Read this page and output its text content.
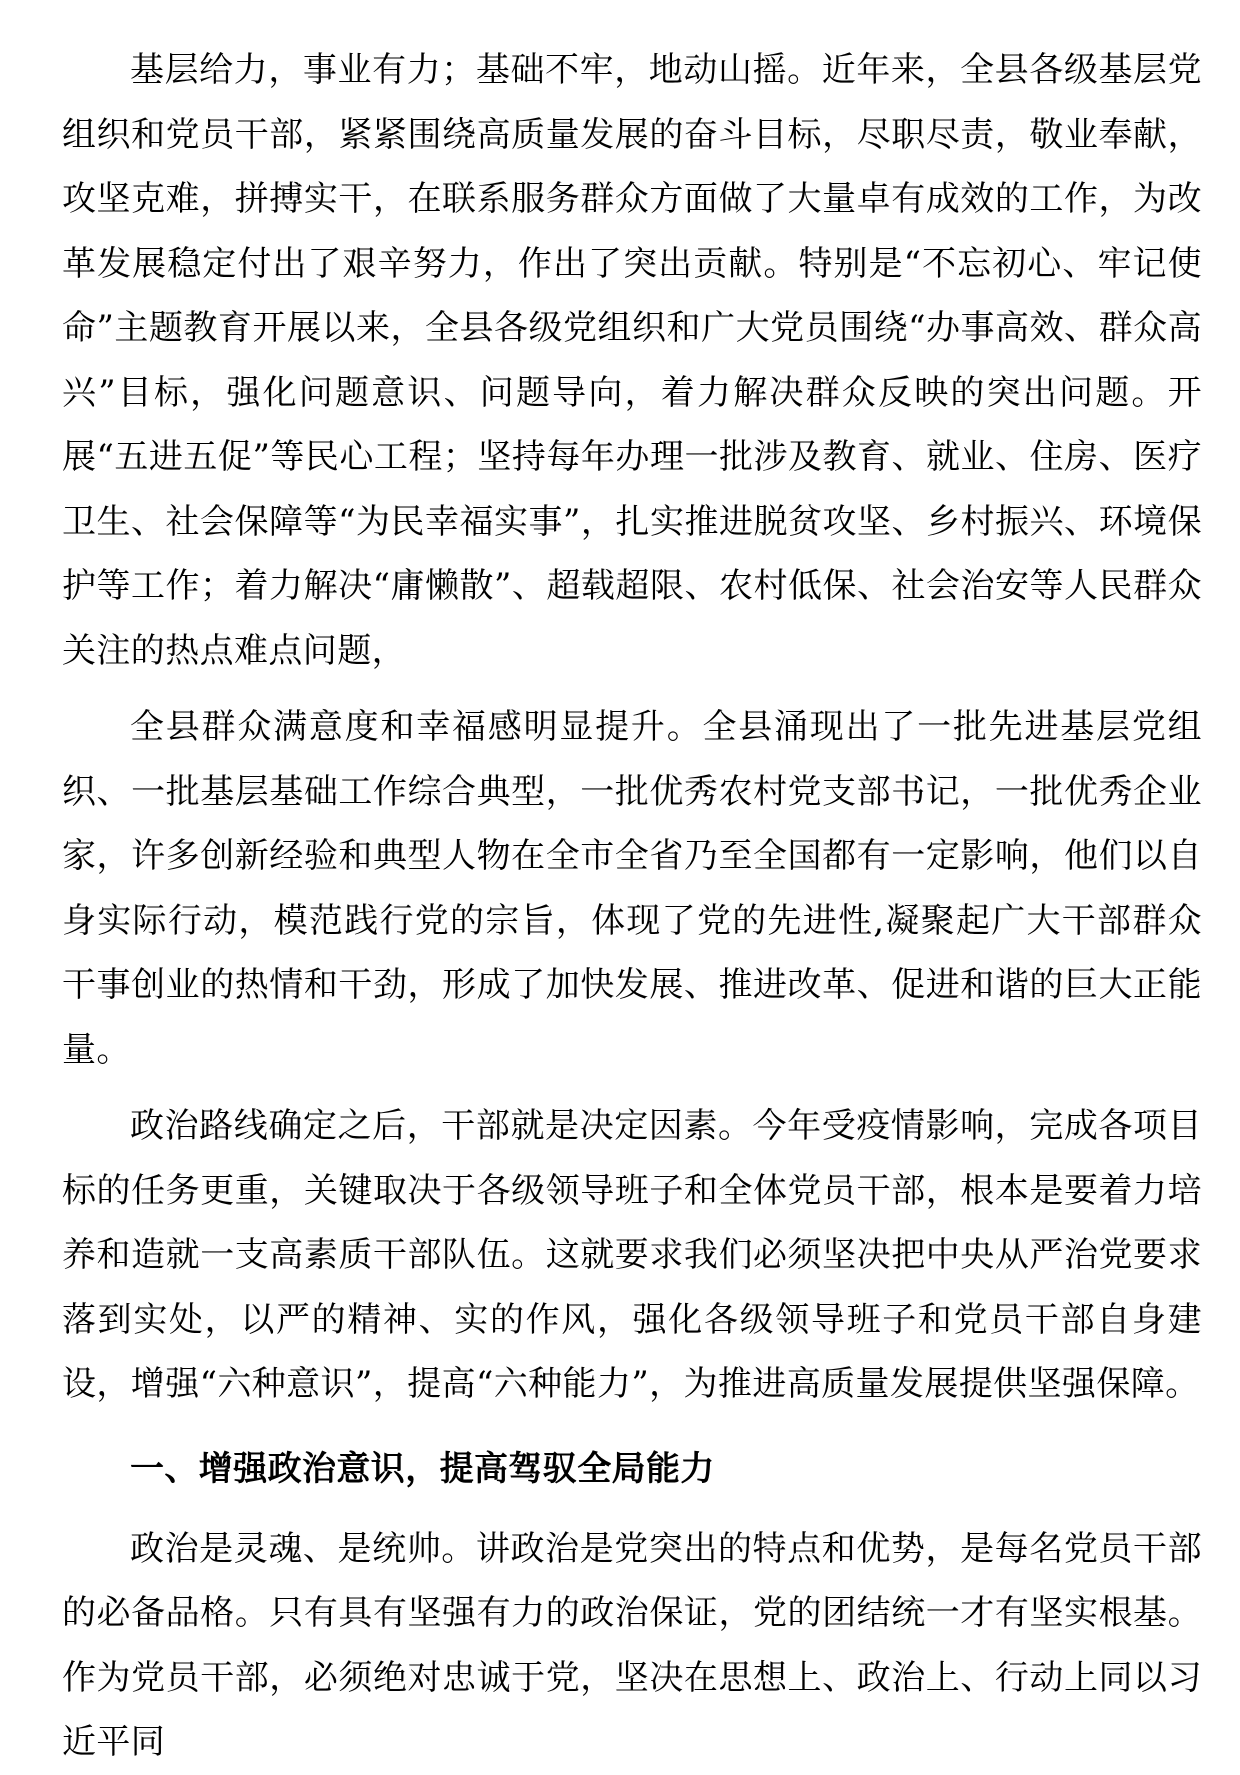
基层给力，事业有力；基础不牢，地动山摇。近年来，全县各级基层党组织和党员干部，紧紧围绕高质量发展的奋斗目标，尽职尽责，敬业奉献，攻坚克难，拼搏实干，在联系服务群众方面做了大量卓有成效的工作，为改革发展稳定付出了艰辛努力，作出了突出贡献。特别是“不忘初心、牢记使命”主题教育开展以来，全县各级党组织和广大党员围绕“办事高效、群众高兴”目标，强化问题意识、问题导向，着力解决群众反映的突出问题。开展“五进五促”等民心工程；坚持每年办理一批涉及教育、就业、住房、医疗卫生、社会保障等“为民幸福实事”，扎实推进脱贫攻坚、乡村振兴、环境保护等工作；着力解决“庸懒散”、超载超限、农村低保、社会治安等人民群众关注的热点难点问题，

全县群众满意度和幸福感明显提升。全县涌现出了一批先进基层党组织、一批基层基础工作综合典型，一批优秀农村党支部书记，一批优秀企业家，许多创新经验和典型人物在全市全省乃至全国都有一定影响，他们以自身实际行动，模范践行党的宗旨，体现了党的先进性,凝聚起广大干部群众干事创业的热情和干劲，形成了加快发展、推进改革、促进和谐的巨大正能量。

政治路线确定之后，干部就是决定因素。今年受疫情影响，完成各项目标的任务更重，关键取决于各级领导班子和全体党员干部，根本是要着力培养和造就一支高素质干部队伍。这就要求我们必须坚决把中央从严治党要求落到实处，以严的精神、实的作风，强化各级领导班子和党员干部自身建设，增强“六种意识”，提高“六种能力”，为推进高质量发展提供坚强保障。

一、增强政治意识，提高驾驭全局能力

政治是灵魂、是统帅。讲政治是党突出的特点和优势，是每名党员干部的必备品格。只有具有坚强有力的政治保证，党的团结统一才有坚实根基。作为党员干部，必须绝对忠诚于党，坚决在思想上、政治上、行动上同以习近平同
